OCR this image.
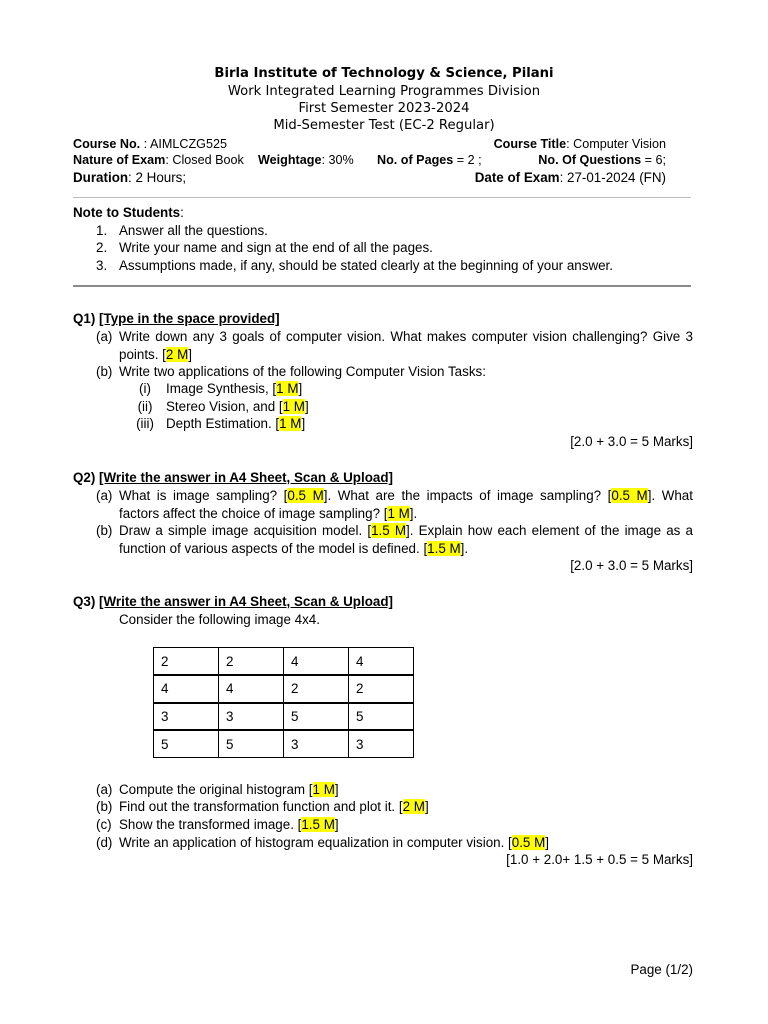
Birla Institute of Technology & Science, Pilani
Work Integrated Learning Programmes Division
First Semester 2023-2024
Mid-Semester Test (EC-2 Regular)
Course No. : AIMLCZG525	Course Title: Computer Vision
Nature of Exam: Closed Book Weightage: 30% No. of Pages = 2 ;	No. Of Questions = 6;
Duration: 2 Hours;	Date of Exam: 27-01-2024 (FN)
Note to Students:
1. Answer all the questions.
2. Write your name and sign at the end of all the pages.
3. Assumptions made, if any, should be stated clearly at the beginning of your answer.
Q1) [Type in the space provided]
(a) Write down any 3 goals of computer vision. What makes computer vision challenging? Give 3 points. [2 M]
(b) Write two applications of the following Computer Vision Tasks:
(i)	Image Synthesis, [1 M]
(ii)	Stereo Vision, and [1 M]
(iii) Depth Estimation. [1 M]
[2.0 + 3.0 = 5 Marks]
Q2) [Write the answer in A4 Sheet, Scan & Upload]
(a) What is image sampling? [0.5 M]. What are the impacts of image sampling? [0.5 M]. What factors affect the choice of image sampling? [1 M].
(b) Draw a simple image acquisition model. [1.5 M]. Explain how each element of the image as a function of various aspects of the model is defined. [1.5 M].
[2.0 + 3.0 = 5 Marks]
Q3) [Write the answer in A4 Sheet, Scan & Upload]
Consider the following image 4x4.
2	2	4	4
4	4	2	2
3	3	5	5
5	5	3	3
(a) Compute the original histogram [1 M]
(b) Find out the transformation function and plot it. [2 M]
(c) Show the transformed image. [1.5 M]
(d) Write an application of histogram equalization in computer vision. [0.5 M]
[1.0 + 2.0+ 1.5 + 0.5 = 5 Marks]
Page (1/2)
